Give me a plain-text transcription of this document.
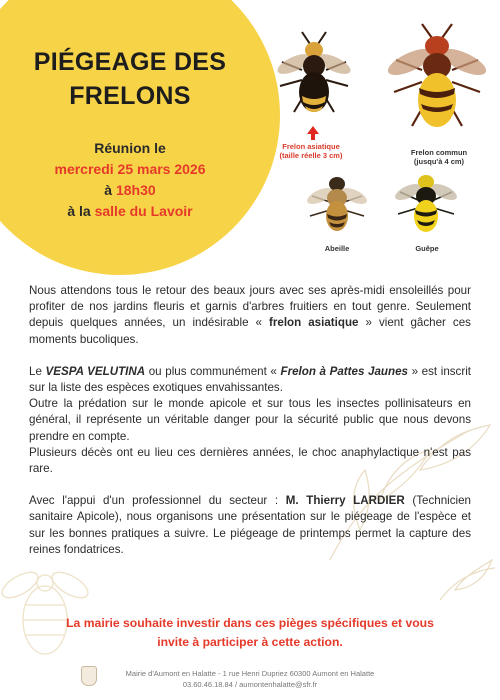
PIÉGEAGE DES
FRELONS
Réunion le
mercredi 25 mars 2026
à 18h30
à la salle du Lavoir
Frelon asiatique
(taille réelle 3 cm)	Frelon commun
(jusqu'à 4 cm)
Abeille	Guêpe

Nous attendons tous le retour des beaux jours avec ses après-midi ensoleillés pour profiter de nos jardins fleuris et garnis d'arbres fruitiers en tout genre. Seulement depuis quelques années, un indésirable « frelon asiatique » vient gâcher ces moments bucoliques.

Le VESPA VELUTINA ou plus communément « Frelon à Pattes Jaunes » est inscrit sur la liste des espèces exotiques envahissantes.

Outre la prédation sur le monde apicole et sur tous les insectes pollinisateurs en général, il représente un véritable danger pour la sécurité public que nous devons prendre en compte.

Plusieurs décès ont eu lieu ces dernières années, le choc anaphylactique n'est pas rare.

Avec l'appui d'un professionnel du secteur : M. Thierry LARDIER (Technicien sanitaire Apicole), nous organisons une présentation sur le piégeage de l'espèce et sur les bonnes pratiques a suivre. Le piégeage de printemps permet la capture des reines fondatrices.

La mairie souhaite investir dans ces pièges spécifiques et vous
invite à participer à cette action.
Mairie d'Aumont en Halatte - 1 rue Henri Dupriez 60300 Aumont en Halatte
03.60.46.18.84 / aumontenhalatte@sfr.fr
